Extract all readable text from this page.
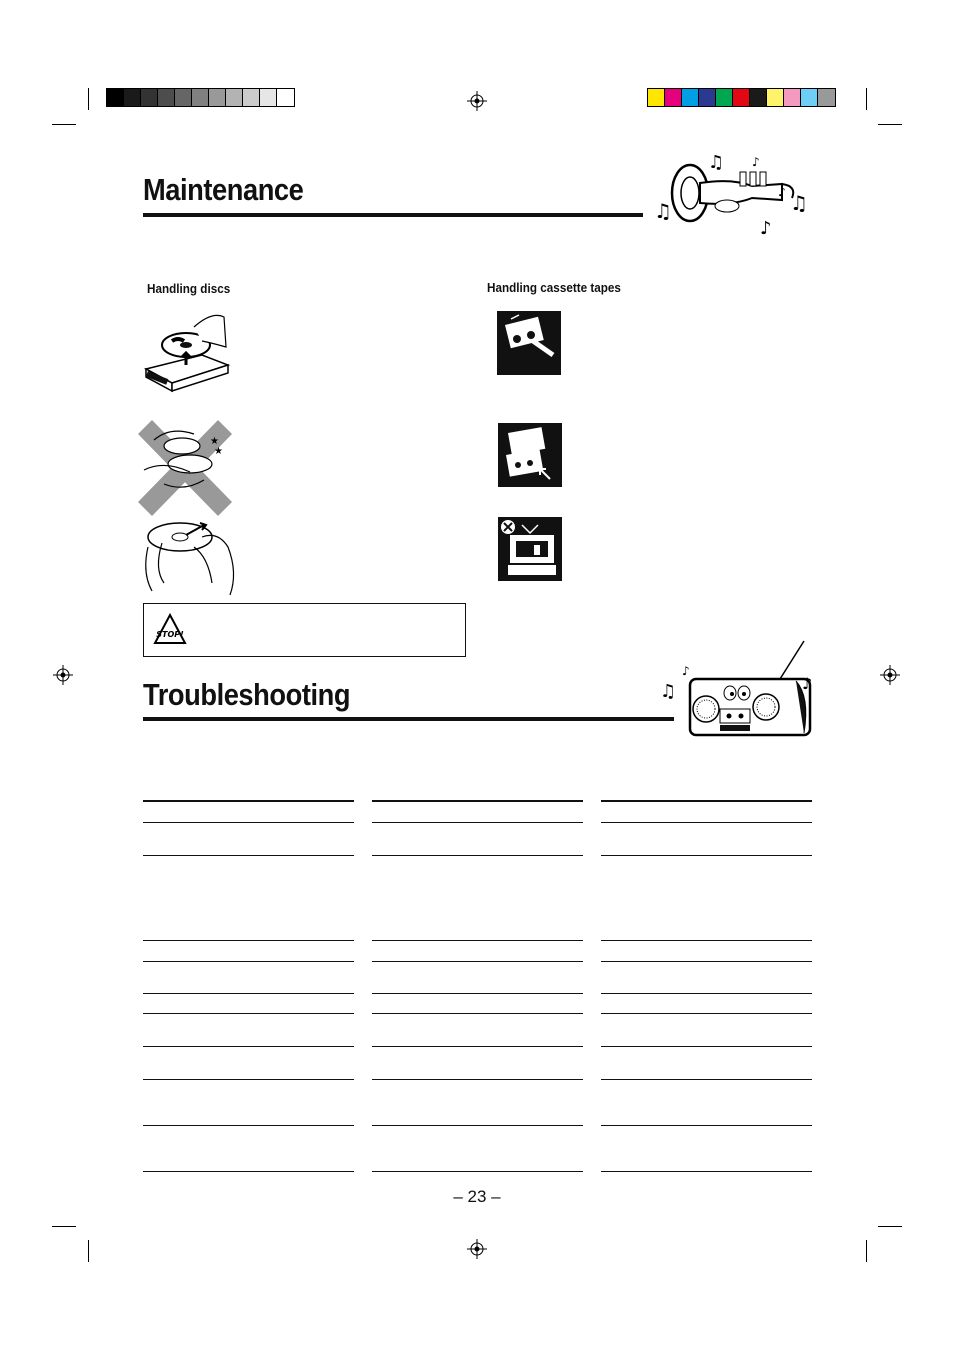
Maintenance
♫
♫
♫
♪
♪
♪
Handling discs	Handling cassette tapes
★
★
STOP!
Troubleshooting	♫	♪
♪
– 23 –
